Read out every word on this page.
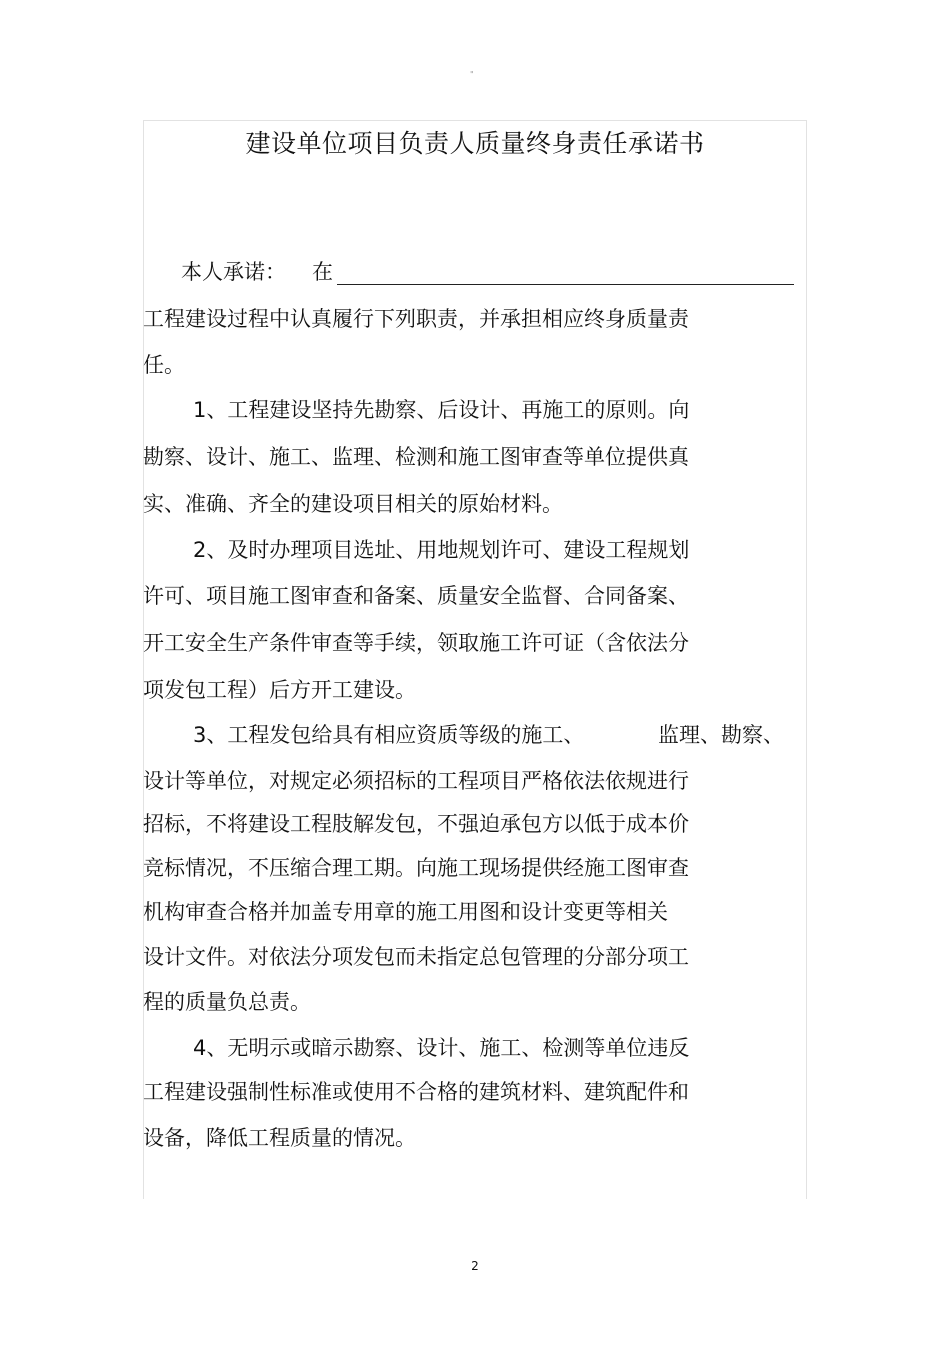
"
建设单位项目负责人质量终身责任承诺书
本人承诺： 在
工程建设过程中认真履行下列职责，并承担相应终身质量责
任。
1、工程建设坚持先勘察、后设计、再施工的原则。向
勘察、设计、施工、监理、检测和施工图审查等单位提供真
实、准确、齐全的建设项目相关的原始材料。
2、及时办理项目选址、用地规划许可、建设工程规划
许可、项目施工图审查和备案、质量安全监督、合同备案、
开工安全生产条件审查等手续，领取施工许可证（含依法分
项发包工程）后方开工建设。
3、工程发包给具有相应资质等级的施工、	监理、勘察、
设计等单位，对规定必须招标的工程项目严格依法依规进行
招标，不将建设工程肢解发包，不强迫承包方以低于成本价
竞标情况，不压缩合理工期。向施工现场提供经施工图审查
机构审查合格并加盖专用章的施工用图和设计变更等相关
设计文件。对依法分项发包而未指定总包管理的分部分项工
程的质量负总责。
4、无明示或暗示勘察、设计、施工、检测等单位违反
工程建设强制性标准或使用不合格的建筑材料、建筑配件和
设备，降低工程质量的情况。
2
